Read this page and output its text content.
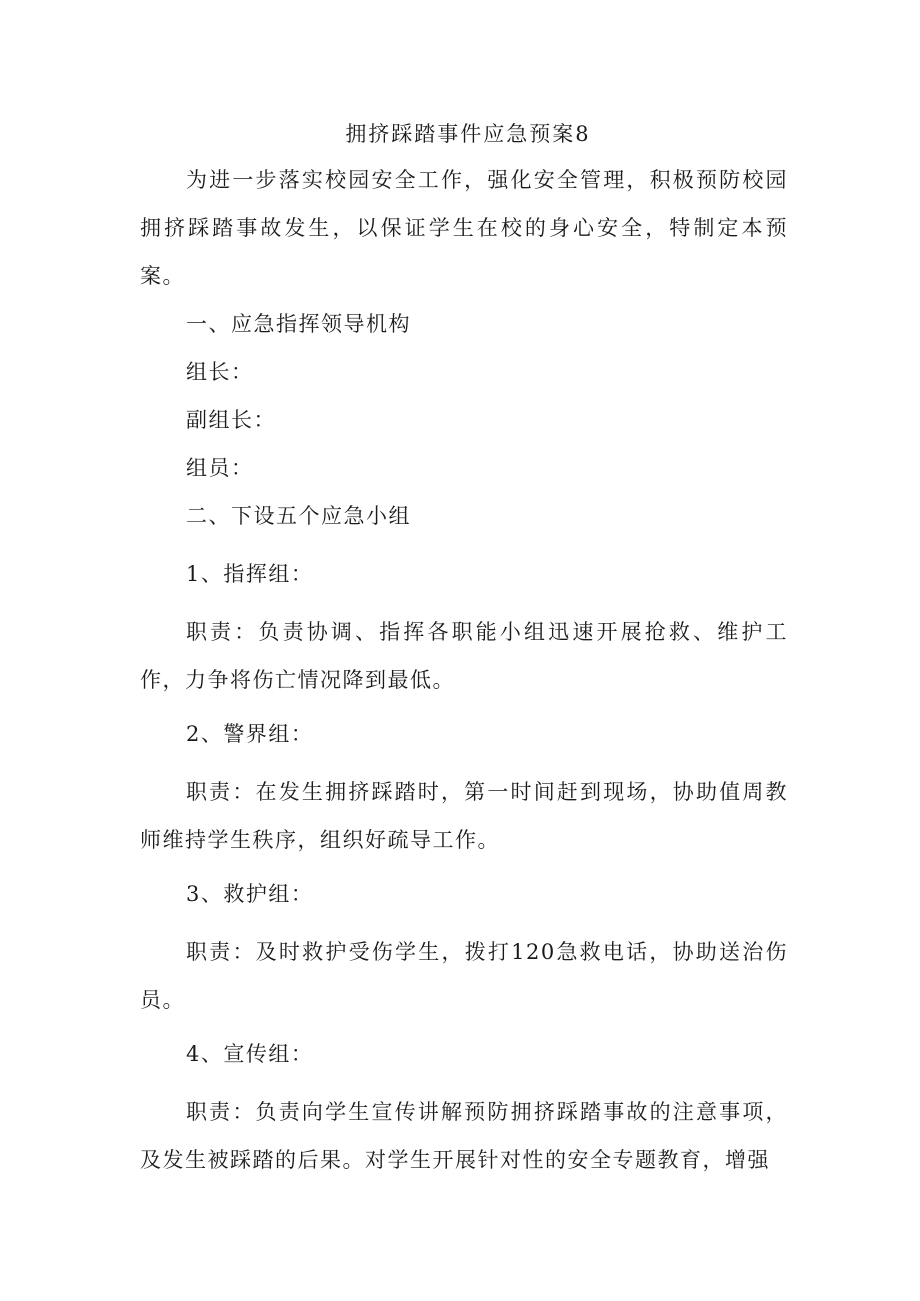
拥挤踩踏事件应急预案8

为进一步落实校园安全工作，强化安全管理，积极预防校园拥挤踩踏事故发生，以保证学生在校的身心安全，特制定本预案。

一、应急指挥领导机构

组长：

副组长：

组员：

二、下设五个应急小组

1、指挥组：

职责：负责协调、指挥各职能小组迅速开展抢救、维护工作，力争将伤亡情况降到最低。

2、警界组：

职责：在发生拥挤踩踏时，第一时间赶到现场，协助值周教师维持学生秩序，组织好疏导工作。

3、救护组：

职责：及时救护受伤学生，拨打120急救电话，协助送治伤员。

4、宣传组：

职责：负责向学生宣传讲解预防拥挤踩踏事故的注意事项，及发生被踩踏的后果。对学生开展针对性的安全专题教育，增强
